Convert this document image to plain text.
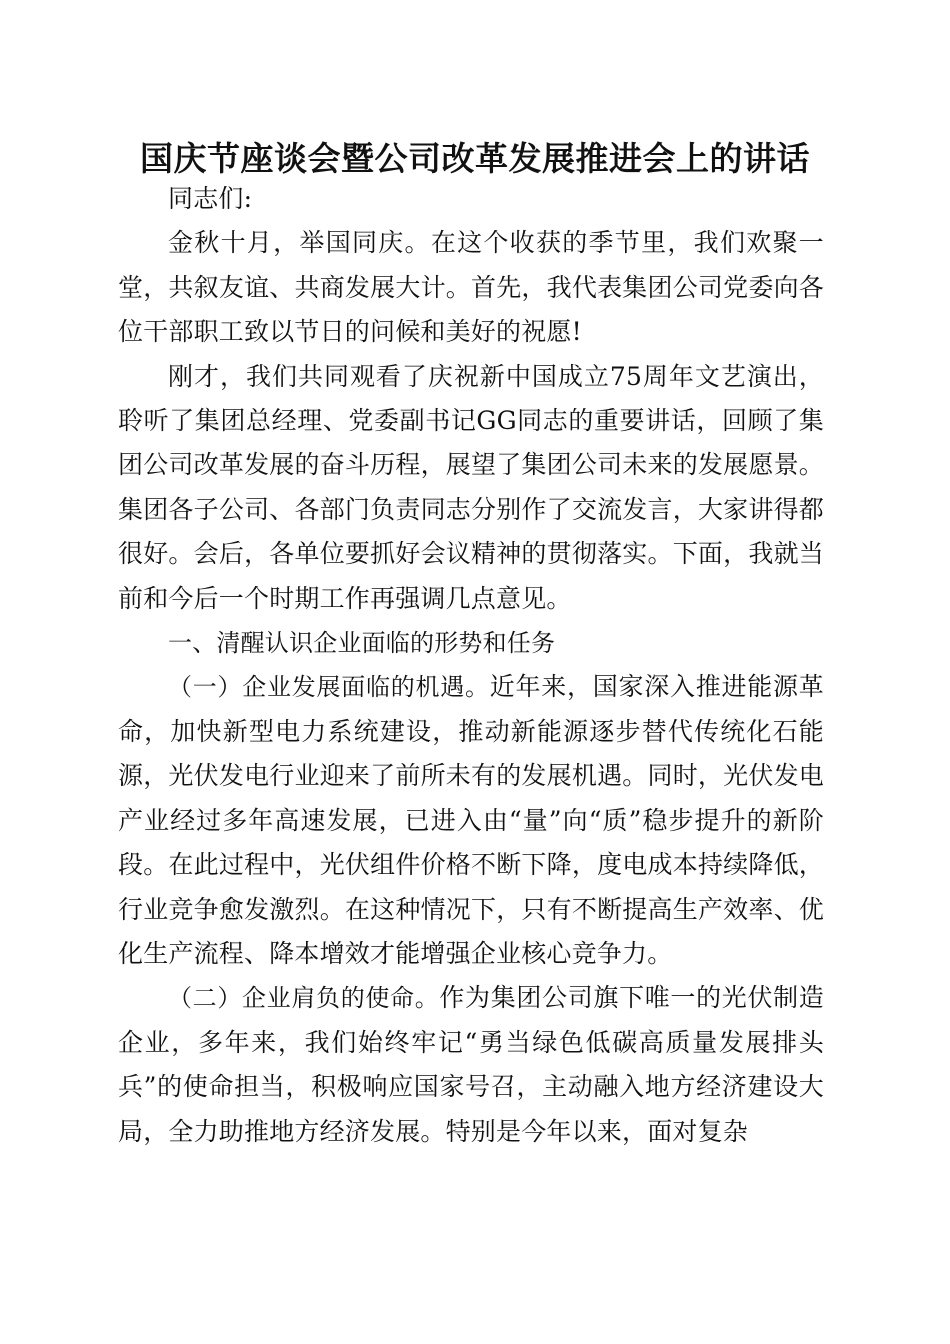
国庆节座谈会暨公司改革发展推进会上的讲话

同志们:

金秋十月，举国同庆。在这个收获的季节里，我们欢聚一堂，共叙友谊、共商发展大计。首先，我代表集团公司党委向各位干部职工致以节日的问候和美好的祝愿!

刚才，我们共同观看了庆祝新中国成立75周年文艺演出，聆听了集团总经理、党委副书记GG同志的重要讲话，回顾了集团公司改革发展的奋斗历程，展望了集团公司未来的发展愿景。集团各子公司、各部门负责同志分别作了交流发言，大家讲得都很好。会后，各单位要抓好会议精神的贯彻落实。下面，我就当前和今后一个时期工作再强调几点意见。

一、清醒认识企业面临的形势和任务

（一）企业发展面临的机遇。近年来，国家深入推进能源革命，加快新型电力系统建设，推动新能源逐步替代传统化石能源，光伏发电行业迎来了前所未有的发展机遇。同时，光伏发电产业经过多年高速发展，已进入由“量”向“质”稳步提升的新阶段。在此过程中，光伏组件价格不断下降，度电成本持续降低，行业竞争愈发激烈。在这种情况下，只有不断提高生产效率、优化生产流程、降本增效才能增强企业核心竞争力。

（二）企业肩负的使命。作为集团公司旗下唯一的光伏制造企业，多年来，我们始终牢记“勇当绿色低碳高质量发展排头兵”的使命担当，积极响应国家号召，主动融入地方经济建设大局，全力助推地方经济发展。特别是今年以来，面对复杂
